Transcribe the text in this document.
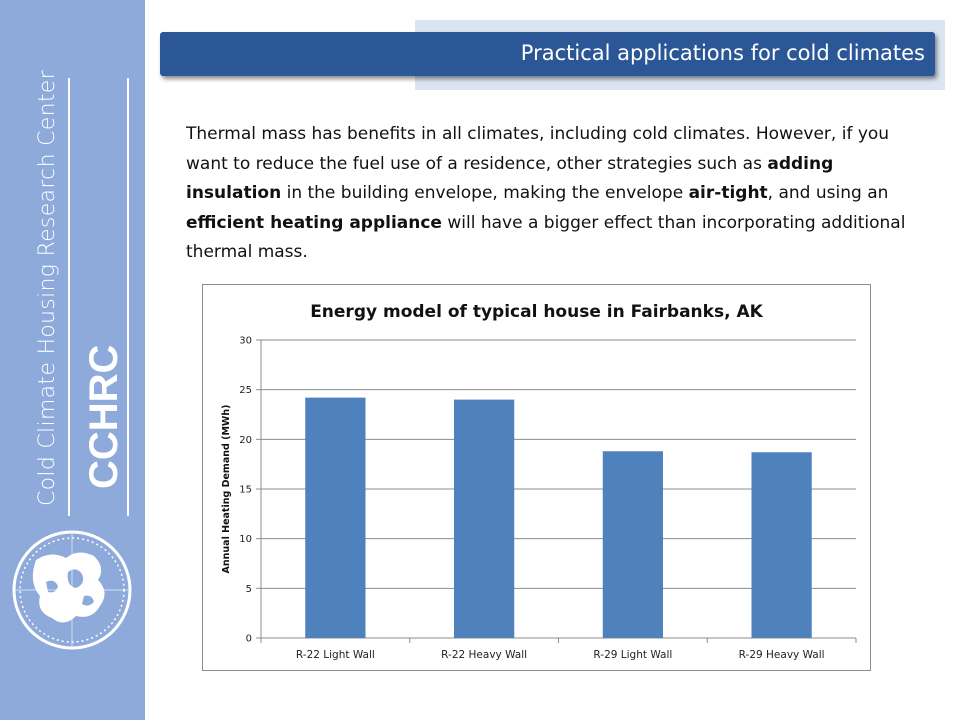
Cold Climate Housing Research Center CCHRC
Practical applications for cold climates
Thermal mass has benefits in all climates, including cold climates. However, if you want to reduce the fuel use of a residence, other strategies such as adding insulation in the building envelope, making the envelope air-tight, and using an efficient heating appliance will have a bigger effect than incorporating additional thermal mass.
Energy model of typical house in Fairbanks, AK
0
5
10
15
20
25
30
Annual Heating Demand (MWh)
R-22 Light Wall	R-22 Heavy Wall	R-29 Light Wall	R-29 Heavy Wall
